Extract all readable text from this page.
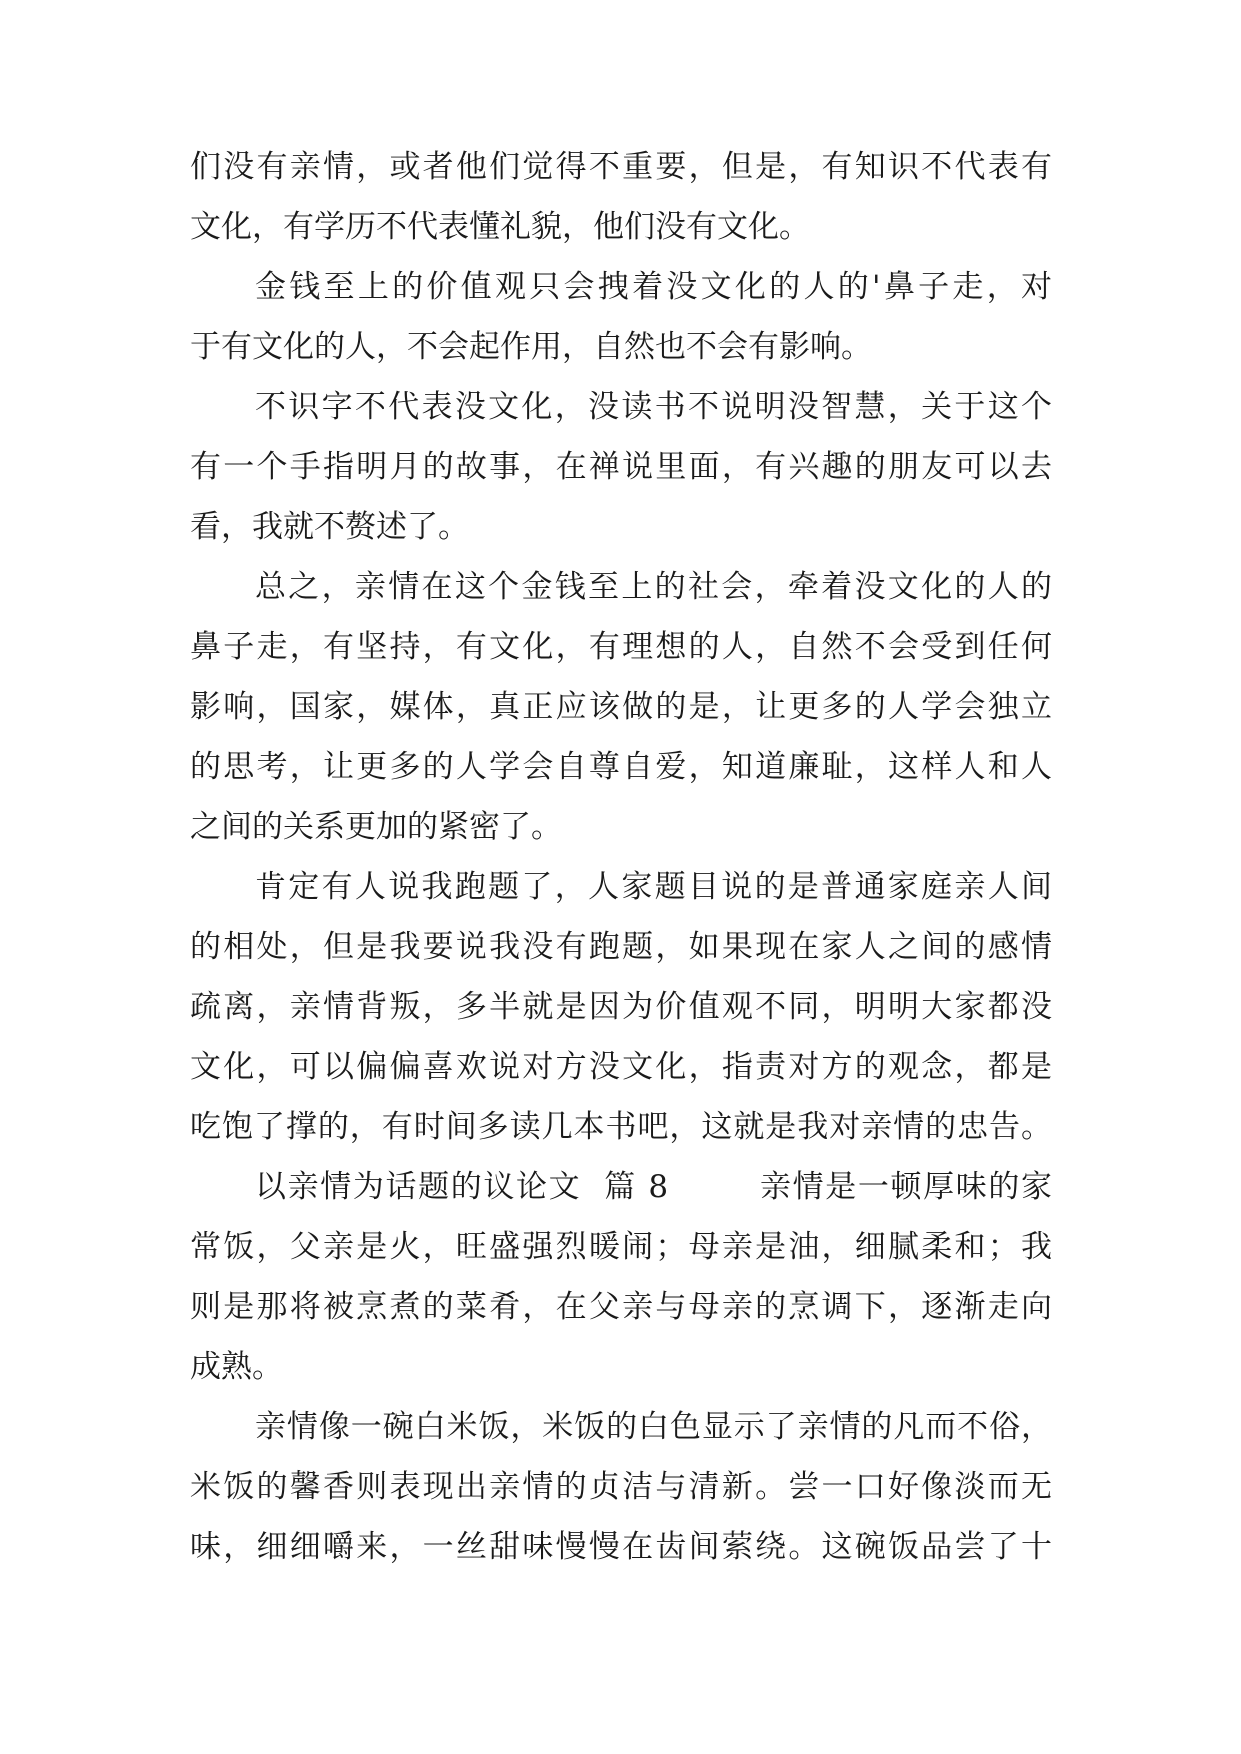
们没有亲情，或者他们觉得不重要，但是，有知识不代表有
文化，有学历不代表懂礼貌，他们没有文化。
金钱至上的价值观只会拽着没文化的人的'鼻子走，对
于有文化的人，不会起作用，自然也不会有影响。
不识字不代表没文化，没读书不说明没智慧，关于这个
有一个手指明月的故事，在禅说里面，有兴趣的朋友可以去
看，我就不赘述了。
总之，亲情在这个金钱至上的社会，牵着没文化的人的
鼻子走，有坚持，有文化，有理想的人，自然不会受到任何
影响，国家，媒体，真正应该做的是，让更多的人学会独立
的思考，让更多的人学会自尊自爱，知道廉耻，这样人和人
之间的关系更加的紧密了。
肯定有人说我跑题了，人家题目说的是普通家庭亲人间
的相处，但是我要说我没有跑题，如果现在家人之间的感情
疏离，亲情背叛，多半就是因为价值观不同，明明大家都没
文化，可以偏偏喜欢说对方没文化，指责对方的观念，都是
吃饱了撑的，有时间多读几本书吧，这就是我对亲情的忠告。
以亲情为话题的议论文  篇 8        亲情是一顿厚味的家
常饭，父亲是火，旺盛强烈暖闹；母亲是油，细腻柔和；我
则是那将被烹煮的菜肴，在父亲与母亲的烹调下，逐渐走向
成熟。
亲情像一碗白米饭，米饭的白色显示了亲情的凡而不俗，
米饭的馨香则表现出亲情的贞洁与清新。尝一口好像淡而无
味，细细嚼来，一丝甜味慢慢在齿间萦绕。这碗饭品尝了十
